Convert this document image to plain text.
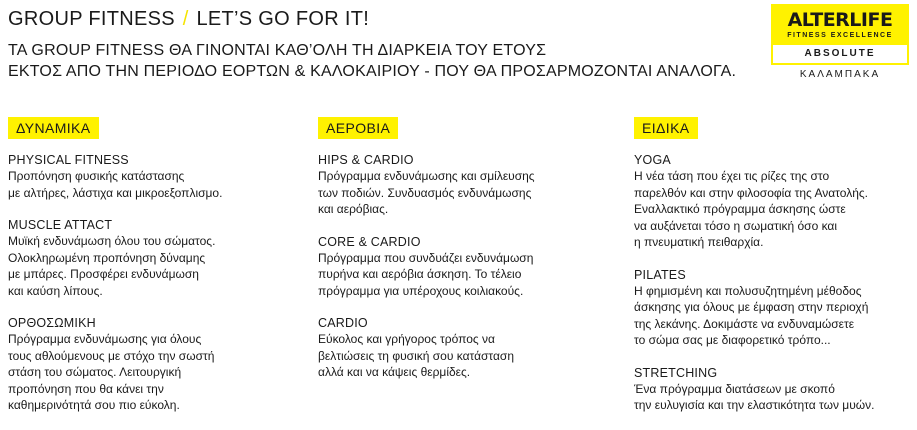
GROUP FITNESS / LET’S GO FOR IT!
ΤΑ GROUP FITNESS ΘΑ ΓΙΝΟΝΤΑΙ ΚΑΘ’ΟΛΗ ΤΗ ΔΙΑΡΚΕΙΑ ΤΟΥ ΕΤΟΥΣ
ΕΚΤΟΣ ΑΠΟ ΤΗΝ ΠΕΡΙΟΔΟ ΕΟΡΤΩΝ & ΚΑΛΟΚΑΙΡΙΟΥ - ΠΟΥ ΘΑ ΠΡΟΣΑΡΜΟΖΟΝΤΑΙ ΑΝΑΛΟΓΑ.
ALTERLIFE
FITNESS EXCELLENCE
ABSOLUTE
ΚΑΛΑΜΠΑΚΑ
ΔΥΝΑΜΙΚΑ
PHYSICAL FITNESS
Προπόνηση φυσικής κατάστασης
με αλτήρες, λάστιχα και μικροεξοπλισμο.
MUSCLE ATTACT
Μυϊκή ενδυνάμωση όλου του σώματος.
Ολοκληρωμένη προπόνηση δύναμης
με μπάρες. Προσφέρει ενδυνάμωση
και καύση λίπους.
ΟΡΘΟΣΩΜΙΚΗ
Πρόγραμμα ενδυνάμωσης για όλους
τους αθλούμενους με στόχο την σωστή
στάση του σώματος. Λειτουργική
προπόνηση που θα κάνει την
καθημερινότητά σου πιο εύκολη.
ΑΕΡΟΒΙΑ
HIPS & CARDIO
Πρόγραμμα ενδυνάμωσης και σμίλευσης
των ποδιών. Συνδυασμός ενδυνάμωσης
και αερόβιας.
CORE & CARDIO
Πρόγραμμα που συνδυάζει ενδυνάμωση
πυρήνα και αερόβια άσκηση. Το τέλειο
πρόγραμμα για υπέροχους κοιλιακούς.
CARDIO
Εύκολος και γρήγορος τρόπος να
βελτιώσεις τη φυσική σου κατάσταση
αλλά και να κάψεις θερμίδες.
ΕΙΔΙΚΑ
YOGA
Η νέα τάση που έχει τις ρίζες της στο
παρελθόν και στην φιλοσοφία της Ανατολής.
Εναλλακτικό πρόγραμμα άσκησης ώστε
να αυξάνεται τόσο η σωματική όσο και
η πνευματική πειθαρχία.
PILATES
Η φημισμένη και πολυσυζητημένη μέθοδος
άσκησης για όλους με έμφαση στην περιοχή
της λεκάνης. Δοκιμάστε να ενδυναμώσετε
το σώμα σας με διαφορετικό τρόπο...
STRETCHING
Ένα πρόγραμμα διατάσεων με σκοπό
την ευλυγισία και την ελαστικότητα των μυών.
